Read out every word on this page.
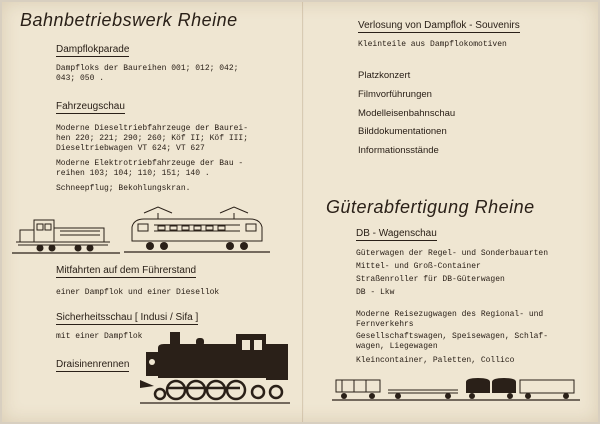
Bahnbetriebswerk Rheine
Dampflokparade
Dampfloks der Baureihen 001; 012; 042;
043; 050 .
Fahrzeugschau
Moderne Dieseltriebfahrzeuge der Baurei-
hen 220; 221; 290; 260; Köf II; Köf III;
Dieseltriebwagen VT 624; VT 627
Moderne Elektrotriebfahrzeuge der Bau -
reihen 103; 104; 110; 151; 140 .
Schneepflug; Bekohlungskran.
Mitfahrten auf dem Führerstand
einer Dampflok und einer Diesellok
Sicherheitsschau [ Indusi / Sifa ]
mit einer Dampflok
Draisinenrennen
Verlosung von Dampflok - Souvenirs
Kleinteile aus Dampflokomotiven
Platzkonzert
Filmvorführungen
Modelleisenbahnschau
Bilddokumentationen
Informationsstände
Güterabfertigung Rheine
DB - Wagenschau
Güterwagen der Regel- und Sonderbauarten
Mittel- und Groß-Container
Straßenroller für DB-Güterwagen
DB - Lkw
Moderne Reisezugwagen des Regional- und
Fernverkehrs
Gesellschaftswagen, Speisewagen, Schlaf-
wagen, Liegewagen
Kleincontainer, Paletten, Collico
